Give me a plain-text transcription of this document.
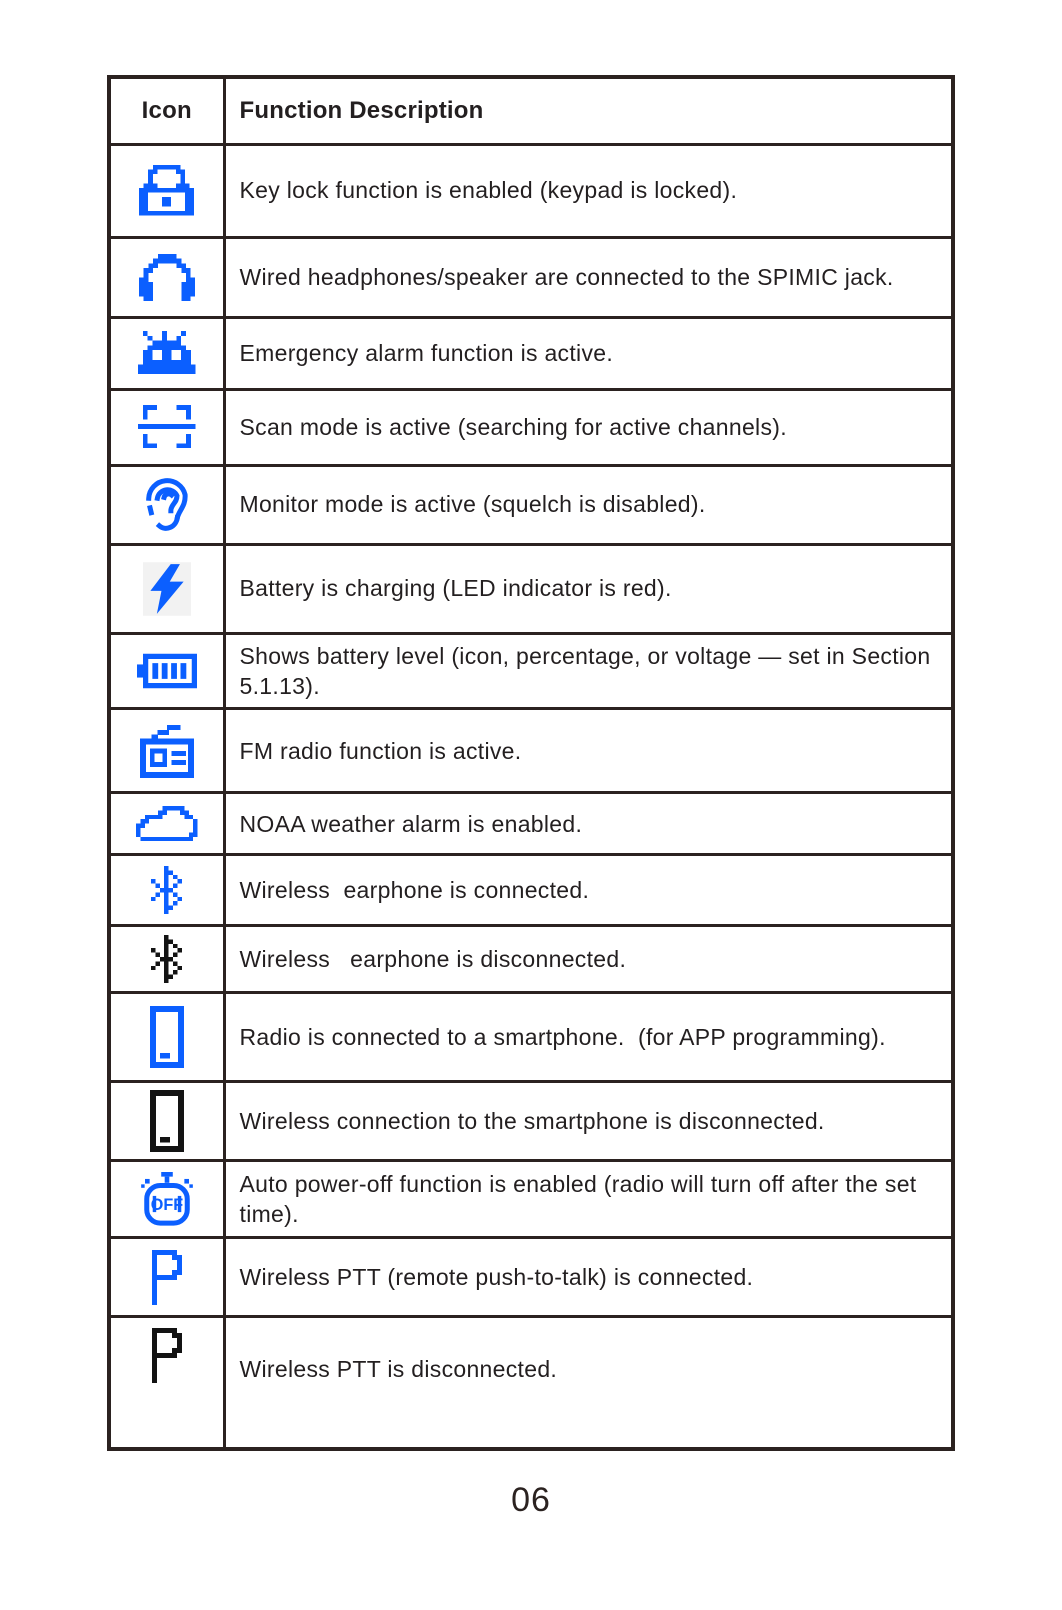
Icon	Function Description
	Key lock function is enabled (keypad is locked).
	Wired headphones/speaker are connected to the SPIMIC jack.
	Emergency alarm function is active.
	Scan mode is active (searching for active channels).
	Monitor mode is active (squelch is disabled).
	Battery is charging (LED indicator is red).
	Shows battery level (icon, percentage, or voltage — set in Section 5.1.13).
	FM radio function is active.
	NOAA weather alarm is enabled.
	Wireless  earphone is connected.
	Wireless   earphone is disconnected.
	Radio is connected to a smartphone.  (for APP programming).
	Wireless connection to the smartphone is disconnected.

OFF	Auto power-off function is enabled (radio will turn off after the set time).
	Wireless PTT (remote push-to-talk) is connected.
	Wireless PTT is disconnected.
06
